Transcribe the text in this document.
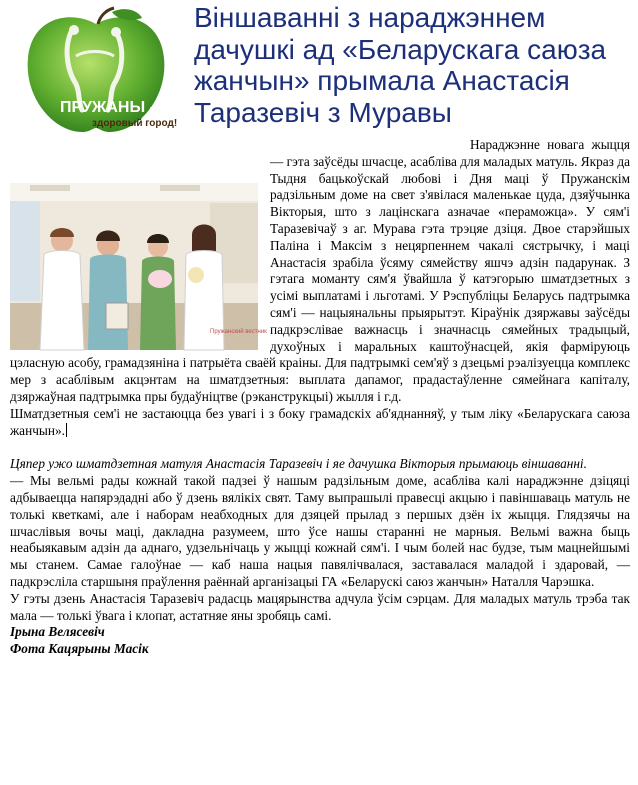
ПРУЖАНЫ -
здоровый город!
Віншаванні з нараджэннем дачушкі ад «Беларускага саюза жанчын» прымала Анастасія Таразевіч з Муравы
Пружанский вестник

Нараджэнне новага жыцця — гэта заўсёды шчасце, асабліва для маладых матуль. Якраз да Тыдня бацькоўскай любові і Дня маці ў Пружанскім радзільным доме на свет з'явілася маленькае цуда, дзяўчынка Вікторыя, што з лацінскага азначае «пераможца». У сям'і Таразевічаў з аг. Мурава гэта трэцяе дзіця. Двое старэйшых Паліна і Максім з нецярпеннем чакалі сястрычку, і маці Анастасія зрабіла ўсяму сямейству яшчэ адзін падарунак. З гэтага моманту сям'я ўвайшла ў катэгорыю шматдзетных з усімі выплатамі і льготамі. У Рэспубліцы Беларусь падтрымка сям'і — нацыянальны прыярытэт. Кіраўнік дзяржавы заўсёды падкрэслівае важнасць і значнасць сямейных традыцый, духоўных і маральных каштоўнасцей, якія фарміруюць цэласную асобу, грамадзяніна і патрыёта сваёй краіны. Для падтрымкі сем'яў з дзецьмі рэалізуецца комплекс мер з асаблівым акцэнтам на шматдзетныя: выплата дапамог, прадастаўленне сямейнага капіталу, дзяржаўная падтрымка пры будаўніцтве (рэканструкцыі) жылля і г.д.

Шматдзетныя сем'і не застаюцца без увагі і з боку грамадскіх аб'яднанняў, у тым ліку «Беларускага саюза жанчын».

Цяпер ужо шматдзетная матуля Анастасія Таразевіч і яе дачушка Вікторыя прымаюць віншаванні.

— Мы вельмі рады кожнай такой падзеі ў нашым радзільным доме, асабліва калі нараджэнне дзіцяці адбываецца напярэдадні або ў дзень вялікіх свят. Таму выпрашылі правесці акцыю і павіншаваць матуль не толькі кветкамі, але і наборам неабходных для дзяцей прылад з першых дзён іх жыцця. Глядзячы на шчаслівыя вочы маці, дакладна разумеем, што ўсе нашы старанні не марныя. Вельмі важна быць неабыякавым адзін да аднаго, удзельнічаць у жыцці кожнай сям'і. І чым болей нас будзе, тым мацнейшымі мы станем. Самае галоўнае — каб наша нацыя павялічвалася, заставалася маладой і здаровай, — падкрэсліла старшыня праўлення раённай арганізацыі ГА «Беларускі саюз жанчын» Наталля Чарэшка.

У гэты дзень Анастасія Таразевіч радасць мацярынства адчула ўсім сэрцам. Для маладых матуль трэба так мала — толькі ўвага і клопат, астатняе яны зробяць самі.

Ірына Велясевіч

Фота Кацярыны Масік
